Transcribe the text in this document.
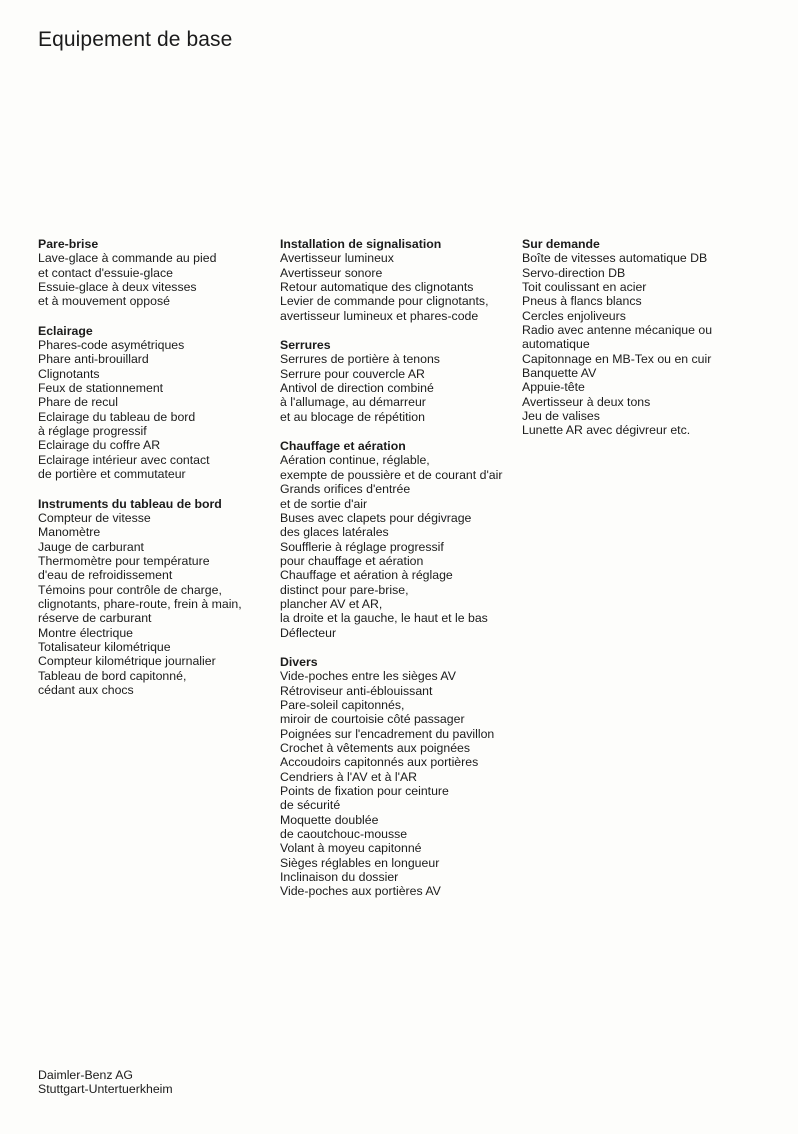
Equipement de base
Pare-brise
Lave-glace à commande au pied
et contact d'essuie-glace
Essuie-glace à deux vitesses
et à mouvement opposé
Eclairage
Phares-code asymétriques
Phare anti-brouillard
Clignotants
Feux de stationnement
Phare de recul
Eclairage du tableau de bord
à réglage progressif
Eclairage du coffre AR
Eclairage intérieur avec contact
de portière et commutateur
Instruments du tableau de bord
Compteur de vitesse
Manomètre
Jauge de carburant
Thermomètre pour température
d'eau de refroidissement
Témoins pour contrôle de charge,
clignotants, phare-route, frein à main,
réserve de carburant
Montre électrique
Totalisateur kilométrique
Compteur kilométrique journalier
Tableau de bord capitonné,
cédant aux chocs
Installation de signalisation
Avertisseur lumineux
Avertisseur sonore
Retour automatique des clignotants
Levier de commande pour clignotants,
avertisseur lumineux et phares-code
Serrures
Serrures de portière à tenons
Serrure pour couvercle AR
Antivol de direction combiné
à l'allumage, au démarreur
et au blocage de répétition
Chauffage et aération
Aération continue, réglable,
exempte de poussière et de courant d'air
Grands orifices d'entrée
et de sortie d'air
Buses avec clapets pour dégivrage
des glaces latérales
Soufflerie à réglage progressif
pour chauffage et aération
Chauffage et aération à réglage
distinct pour pare-brise,
plancher AV et AR,
la droite et la gauche, le haut et le bas
Déflecteur
Divers
Vide-poches entre les sièges AV
Rétroviseur anti-éblouissant
Pare-soleil capitonnés,
miroir de courtoisie côté passager
Poignées sur l'encadrement du pavillon
Crochet à vêtements aux poignées
Accoudoirs capitonnés aux portières
Cendriers à l'AV et à l'AR
Points de fixation pour ceinture
de sécurité
Moquette doublée
de caoutchouc-mousse
Volant à moyeu capitonné
Sièges réglables en longueur
Inclinaison du dossier
Vide-poches aux portières AV
Sur demande
Boîte de vitesses automatique DB
Servo-direction DB
Toit coulissant en acier
Pneus à flancs blancs
Cercles enjoliveurs
Radio avec antenne mécanique ou
automatique
Capitonnage en MB-Tex ou en cuir
Banquette AV
Appuie-tête
Avertisseur à deux tons
Jeu de valises
Lunette AR avec dégivreur etc.
Daimler-Benz AG
Stuttgart-Untertuerkheim
